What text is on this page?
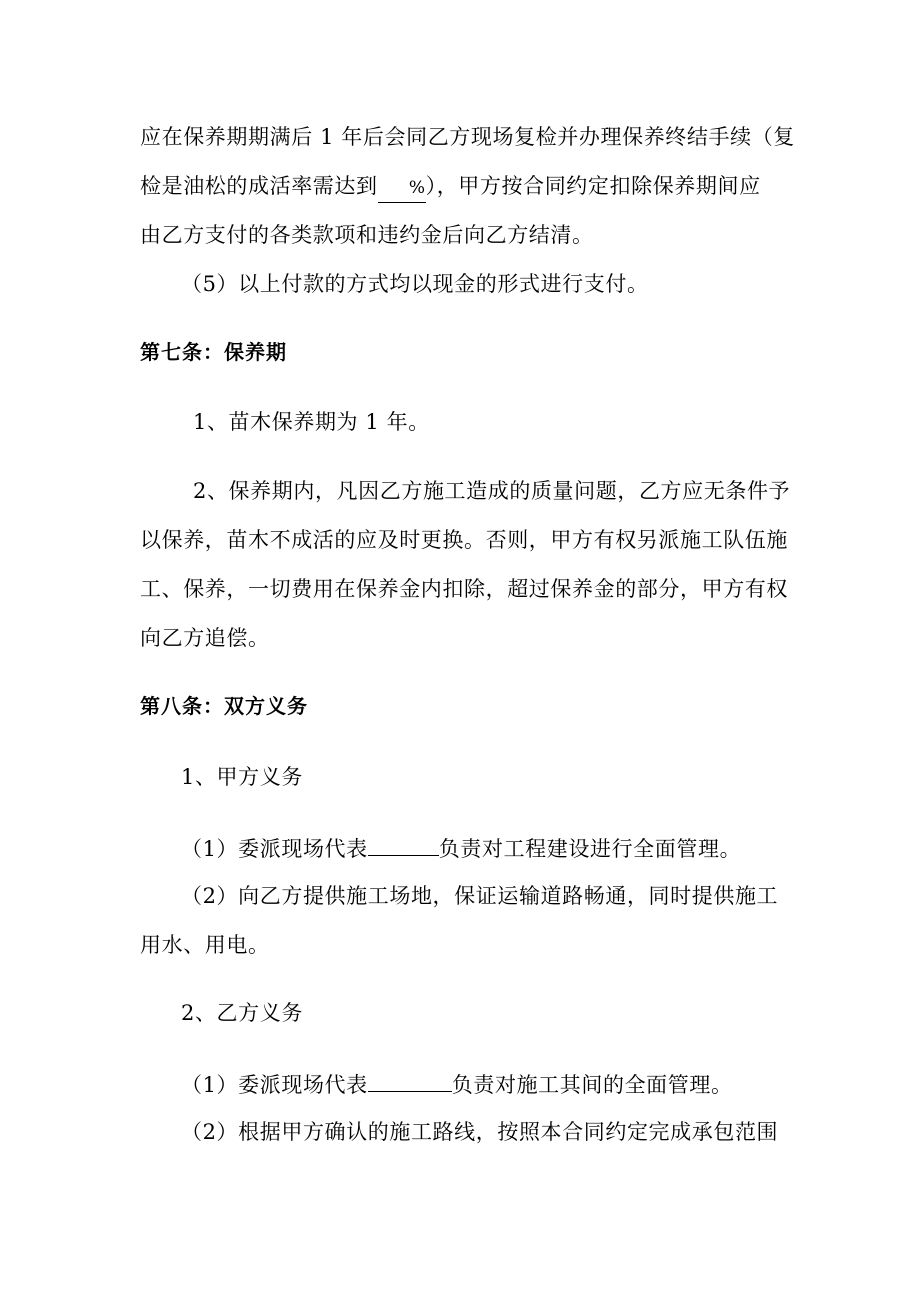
应在保养期期满后 1 年后会同乙方现场复检并办理保养终结手续（复
检是油松的成活率需达到 %），甲方按合同约定扣除保养期间应
由乙方支付的各类款项和违约金后向乙方结清。
（5）以上付款的方式均以现金的形式进行支付。
第七条：保养期
1、苗木保养期为 1 年。
2、保养期内，凡因乙方施工造成的质量问题，乙方应无条件予
以保养，苗木不成活的应及时更换。否则，甲方有权另派施工队伍施
工、保养，一切费用在保养金内扣除，超过保养金的部分，甲方有权
向乙方追偿。
第八条：双方义务
1、甲方义务
（1）委派现场代表	负责对工程建设进行全面管理。
（2）向乙方提供施工场地，保证运输道路畅通，同时提供施工
用水、用电。
2、乙方义务
（1）委派现场代表	负责对施工其间的全面管理。
（2）根据甲方确认的施工路线，按照本合同约定完成承包范围
